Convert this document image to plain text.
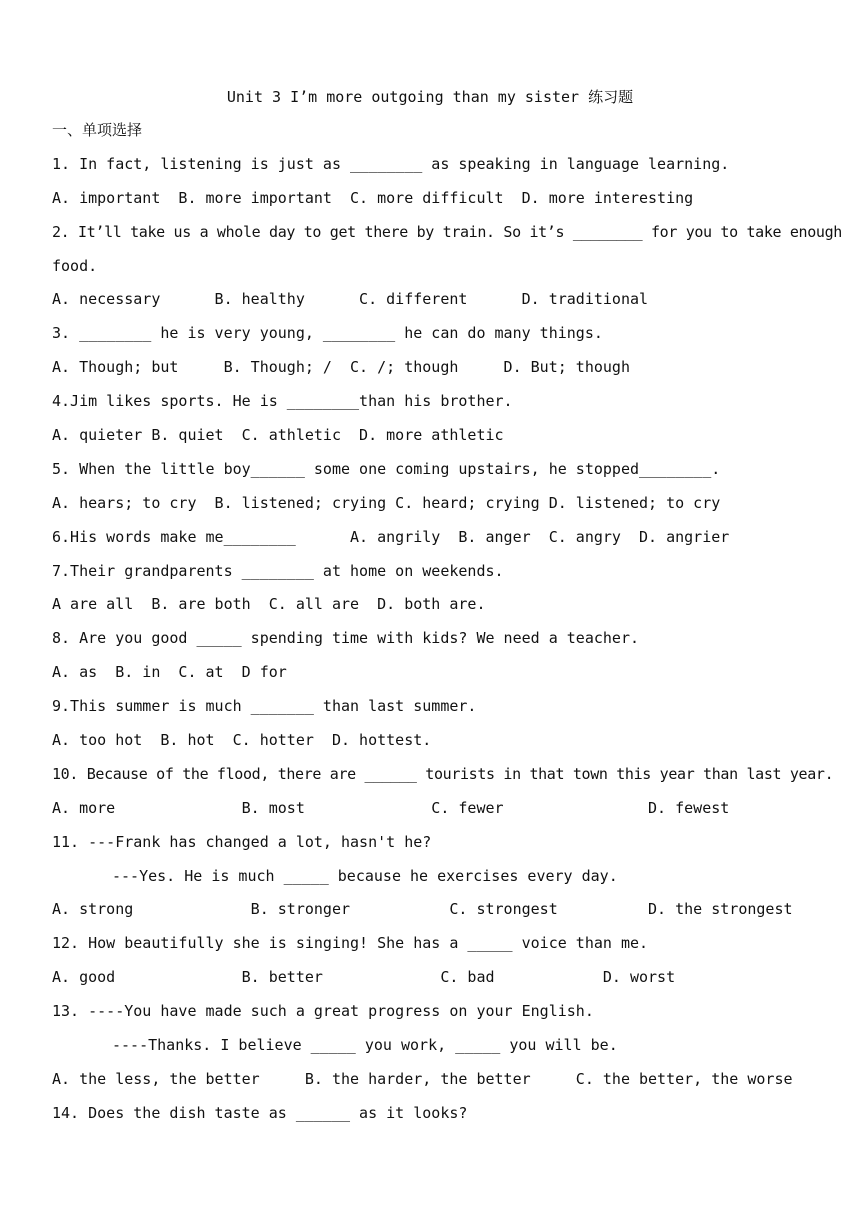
Unit 3 I’m more outgoing than my sister 练习题
一、单项选择
1. In fact, listening is just as ________ as speaking in language learning.
A. important  B. more important  C. more difficult  D. more interesting
2. It’ll take us a whole day to get there by train. So it’s ________ for you to take enough
food.
A. necessary      B. healthy      C. different      D. traditional
3. ________ he is very young, ________ he can do many things.
A. Though; but     B. Though; /  C. /; though     D. But; though
4.Jim likes sports. He is ________than his brother.
A. quieter B. quiet  C. athletic  D. more athletic
5. When the little boy______ some one coming upstairs, he stopped________.
A. hears; to cry  B. listened; crying C. heard; crying D. listened; to cry
6.His words make me________      A. angrily  B. anger  C. angry  D. angrier
7.Their grandparents ________ at home on weekends.
A are all  B. are both  C. all are  D. both are.
8. Are you good _____ spending time with kids? We need a teacher.
A. as  B. in  C. at  D for
9.This summer is much _______ than last summer.
A. too hot  B. hot  C. hotter  D. hottest.
10. Because of the flood, there are ______ tourists in that town this year than last year.
A. more              B. most              C. fewer                D. fewest
11. ---Frank has changed a lot, hasn't he?
---Yes. He is much _____ because he exercises every day.
A. strong             B. stronger           C. strongest          D. the strongest
12. How beautifully she is singing! She has a _____ voice than me.
A. good              B. better             C. bad            D. worst
13. ----You have made such a great progress on your English.
----Thanks. I believe _____ you work, _____ you will be.
A. the less, the better     B. the harder, the better     C. the better, the worse
14. Does the dish taste as ______ as it looks?
